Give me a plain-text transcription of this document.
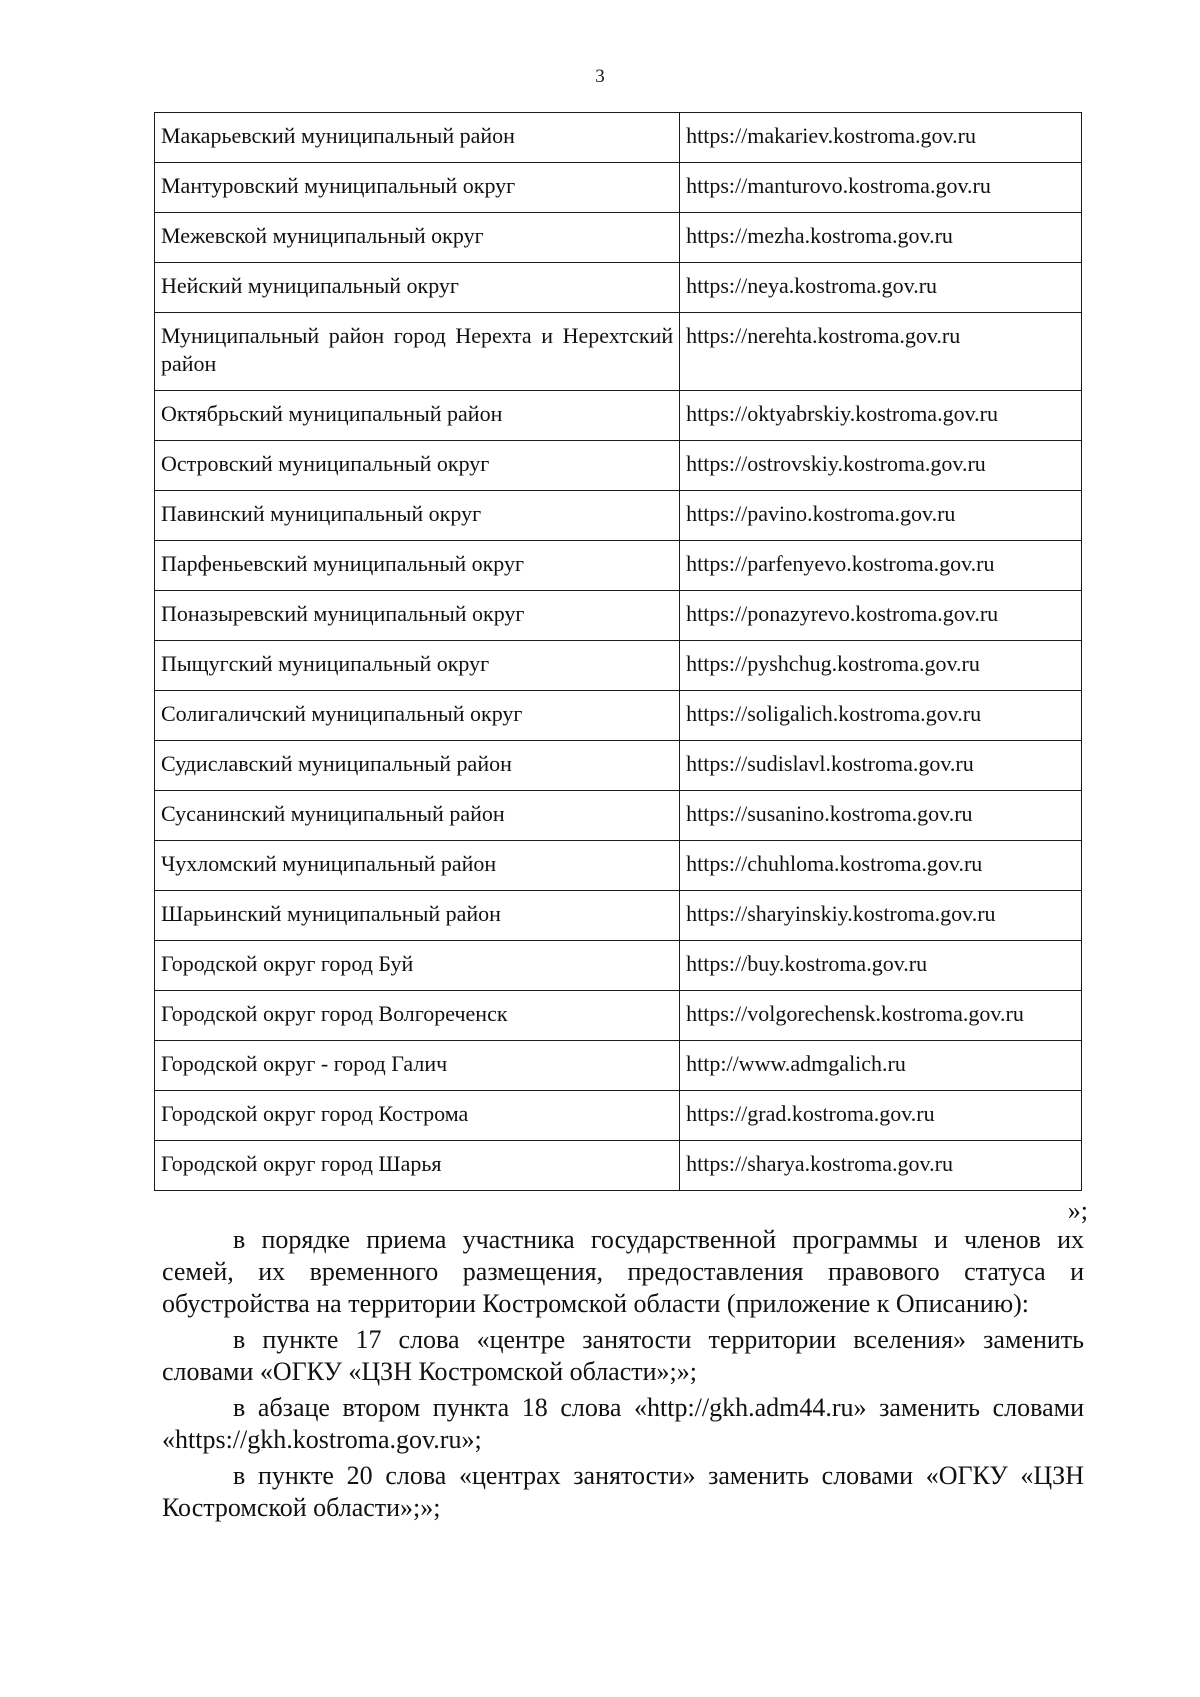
3
Макарьевский муниципальный район	https://makariev.kostroma.gov.ru
Мантуровский муниципальный округ	https://manturovo.kostroma.gov.ru
Межевской муниципальный округ	https://mezha.kostroma.gov.ru
Нейский муниципальный округ	https://neya.kostroma.gov.ru
Муниципальный район город Нерехта и Нерехтский район	https://nerehta.kostroma.gov.ru
Октябрьский муниципальный район	https://oktyabrskiy.kostroma.gov.ru
Островский муниципальный округ	https://ostrovskiy.kostroma.gov.ru
Павинский муниципальный округ	https://pavino.kostroma.gov.ru
Парфеньевский муниципальный округ	https://parfenyevo.kostroma.gov.ru
Поназыревский муниципальный округ	https://ponazyrevo.kostroma.gov.ru
Пыщугский муниципальный округ	https://pyshchug.kostroma.gov.ru
Солигаличский муниципальный округ	https://soligalich.kostroma.gov.ru
Судиславский муниципальный район	https://sudislavl.kostroma.gov.ru
Сусанинский муниципальный район	https://susanino.kostroma.gov.ru
Чухломский муниципальный район	https://chuhloma.kostroma.gov.ru
Шарьинский муниципальный район	https://sharyinskiy.kostroma.gov.ru
Городской округ город Буй	https://buy.kostroma.gov.ru
Городской округ город Волгореченск	https://volgorechensk.kostroma.gov.ru
Городской округ - город Галич	http://www.admgalich.ru
Городской округ город Кострома	https://grad.kostroma.gov.ru
Городской округ город Шарья	https://sharya.kostroma.gov.ru
»;

в порядке приема участника государственной программы и членов их семей, их временного размещения, предоставления правового статуса и обустройства на территории Костромской области (приложение к Описанию):

в пункте 17 слова «центре занятости территории вселения» заменить словами «ОГКУ «ЦЗН Костромской области»;»;

в абзаце втором пункта 18 слова «http://gkh.adm44.ru» заменить словами «https://gkh.kostroma.gov.ru»;

в пункте 20 слова «центрах занятости» заменить словами «ОГКУ «ЦЗН Костромской области»;»;
